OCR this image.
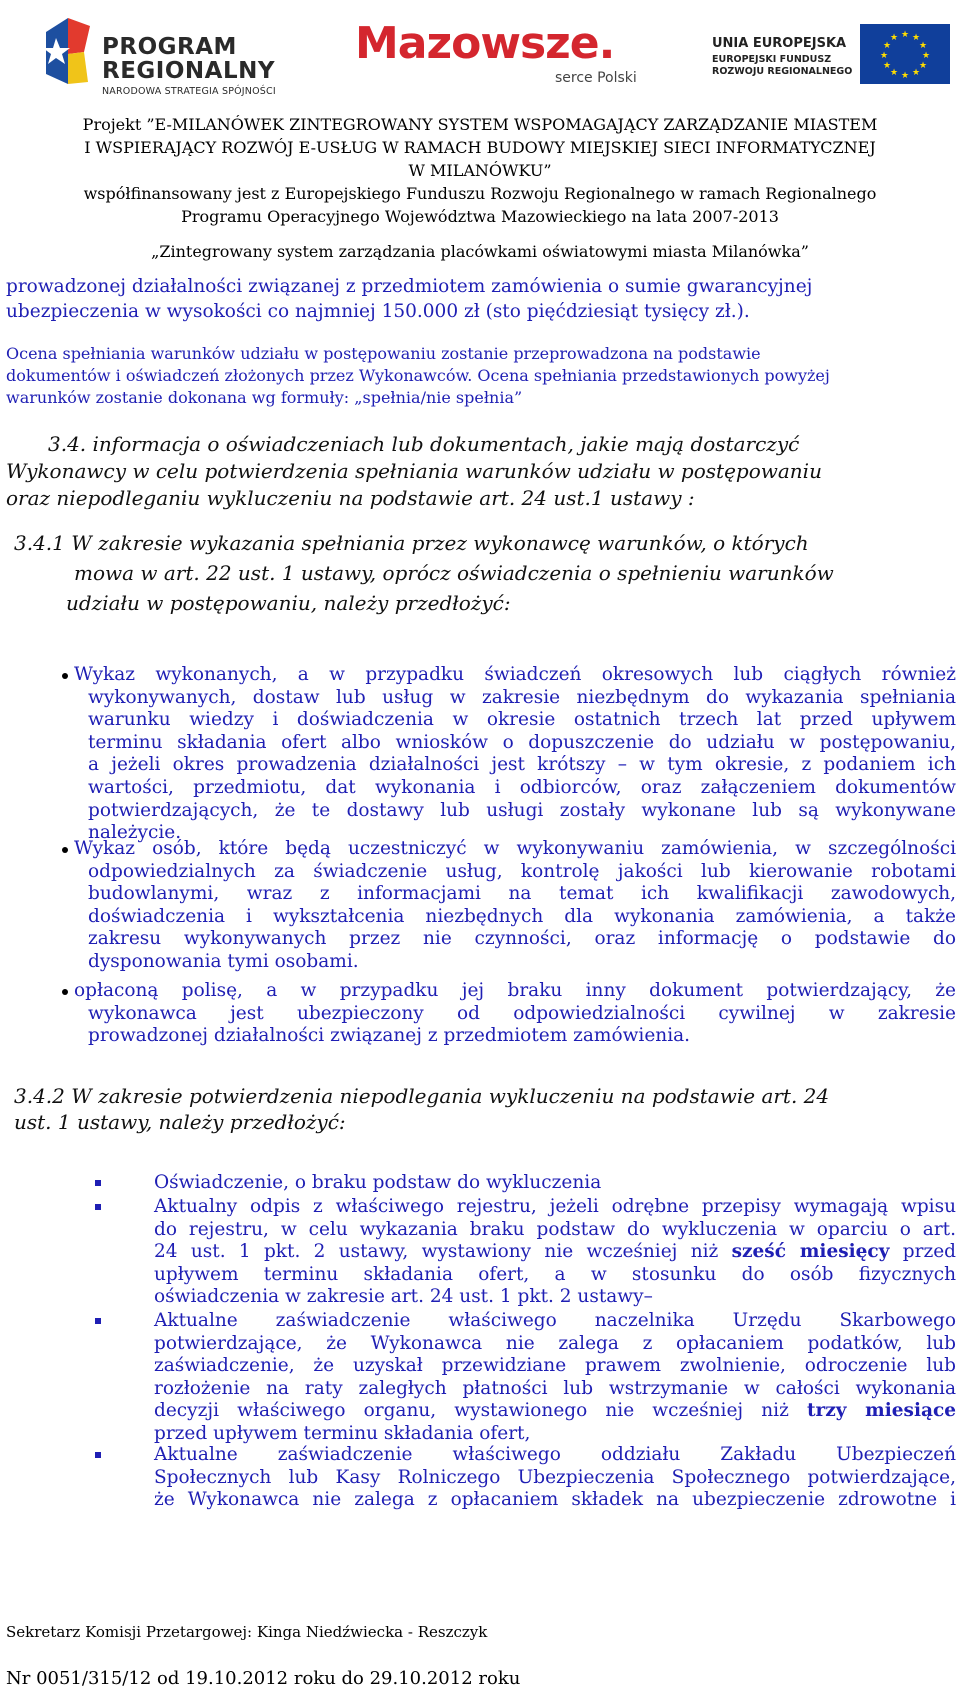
PROGRAM
REGIONALNY
NARODOWA STRATEGIA SPÓJNOŚCI
Mazowsze.
serce Polski
UNIA EUROPEJSKA
EUROPEJSKI FUNDUSZ
ROZWOJU REGIONALNEGO
★ ★
★
★
★
★
★
★
★
★
★
★
Projekt ”E-MILANÓWEK ZINTEGROWANY SYSTEM WSPOMAGAJĄCY ZARZĄDZANIE MIASTEM
I WSPIERAJĄCY ROZWÓJ E-USŁUG W RAMACH BUDOWY MIEJSKIEJ SIECI INFORMATYCZNEJ
W MILANÓWKU”
współfinansowany jest z Europejskiego Funduszu Rozwoju Regionalnego w ramach Regionalnego
Programu Operacyjnego Województwa Mazowieckiego na lata 2007-2013
„Zintegrowany system zarządzania placówkami oświatowymi miasta Milanówka”
prowadzonej działalności związanej z przedmiotem zamówienia o sumie gwarancyjnej
ubezpieczenia w wysokości co najmniej 150.000 zł (sto pięćdziesiąt tysięcy zł.).
Ocena spełniania warunków udziału w postępowaniu zostanie przeprowadzona na podstawie
dokumentów i oświadczeń złożonych przez Wykonawców. Ocena spełniania przedstawionych powyżej
warunków zostanie dokonana wg formuły: „spełnia/nie spełnia”
3.4. informacja o oświadczeniach lub dokumentach, jakie mają dostarczyć
Wykonawcy w celu potwierdzenia spełniania warunków udziału w postępowaniu
oraz niepodleganiu wykluczeniu na podstawie art. 24 ust.1 ustawy :
3.4.1 W zakresie wykazania spełniania przez wykonawcę warunków, o których
mowa w art. 22 ust. 1 ustawy, oprócz oświadczenia o spełnieniu warunków
udziału w postępowaniu, należy przedłożyć:
Wykaz wykonanych, a w przypadku świadczeń okresowych lub ciągłych również
wykonywanych, dostaw lub usług w zakresie niezbędnym do wykazania spełniania
warunku wiedzy i doświadczenia w okresie ostatnich trzech lat przed upływem
terminu składania ofert albo wniosków o dopuszczenie do udziału w postępowaniu,
a jeżeli okres prowadzenia działalności jest krótszy – w tym okresie, z podaniem ich
wartości, przedmiotu, dat wykonania i odbiorców, oraz załączeniem dokumentów
potwierdzających, że te dostawy lub usługi zostały wykonane lub są wykonywane
należycie.
Wykaz osób, które będą uczestniczyć w wykonywaniu zamówienia, w szczególności
odpowiedzialnych za świadczenie usług, kontrolę jakości lub kierowanie robotami
budowlanymi, wraz z informacjami na temat ich kwalifikacji zawodowych,
doświadczenia i wykształcenia niezbędnych dla wykonania zamówienia, a także
zakresu wykonywanych przez nie czynności, oraz informację o podstawie do
dysponowania tymi osobami.
opłaconą polisę, a w przypadku jej braku inny dokument potwierdzający, że
wykonawca jest ubezpieczony od odpowiedzialności cywilnej w zakresie
prowadzonej działalności związanej z przedmiotem zamówienia.
3.4.2 W zakresie potwierdzenia niepodlegania wykluczeniu na podstawie art. 24
ust. 1 ustawy, należy przedłożyć:
Oświadczenie, o braku podstaw do wykluczenia
Aktualny odpis z właściwego rejestru, jeżeli odrębne przepisy wymagają wpisu
do rejestru, w celu wykazania braku podstaw do wykluczenia w oparciu o art.
24 ust. 1 pkt. 2 ustawy, wystawiony nie wcześniej niż sześć miesięcy przed
upływem terminu składania ofert, a w stosunku do osób fizycznych
oświadczenia w zakresie art. 24 ust. 1 pkt. 2 ustawy–
Aktualne zaświadczenie właściwego naczelnika Urzędu Skarbowego
potwierdzające, że Wykonawca nie zalega z opłacaniem podatków, lub
zaświadczenie, że uzyskał przewidziane prawem zwolnienie, odroczenie lub
rozłożenie na raty zaległych płatności lub wstrzymanie w całości wykonania
decyzji właściwego organu, wystawionego nie wcześniej niż trzy miesiące
przed upływem terminu składania ofert,
Aktualne zaświadczenie właściwego oddziału Zakładu Ubezpieczeń
Społecznych lub Kasy Rolniczego Ubezpieczenia Społecznego potwierdzające,
że Wykonawca nie zalega z opłacaniem składek na ubezpieczenie zdrowotne i
Sekretarz Komisji Przetargowej: Kinga Niedźwiecka - Reszczyk
Nr 0051/315/12 od 19.10.2012 roku do 29.10.2012 roku
